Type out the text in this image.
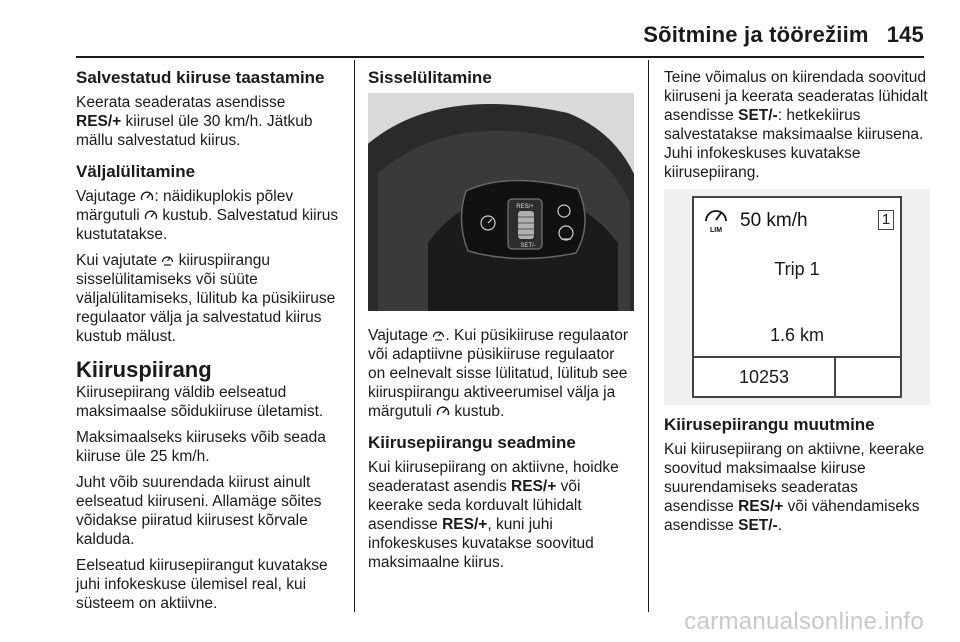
Sõitmine ja töörežiim 145
Salvestatud kiiruse taastamine

Keerata seaderatas asendisse
RES/+ kiirusel üle 30 km/h. Jätkub mällu salvestatud kiirus.

Väljalülitamine

Vajutage : näidikuplokis põlev märgutuli  kustub. Salvestatud kiirus kustutatakse.

Kui vajutate  kiiruspiirangu sisselülitamiseks või süüte väljalülitamiseks, lülitub ka püsikiiruse regulaator välja ja salvestatud kiirus kustub mälust.

Kiiruspiirang

Kiirusepiirang väldib eelseatud maksimaalse sõidukiiruse ületamist.

Maksimaalseks kiiruseks võib seada kiiruse üle 25 km/h.

Juht võib suurendada kiirust ainult eelseatud kiiruseni. Allamäge sõites võidakse piiratud kiirusest kõrvale kalduda.

Eelseatud kiirusepiirangut kuvatakse juhi infokeskuse ülemisel real, kui süsteem on aktiivne.

Sisselülitamine
RES/+
SET/-

Vajutage . Kui püsikiiruse regulaator või adaptiivne püsikiiruse regulaator on eelnevalt sisse lülitatud, lülitub see kiiruspiirangu aktiveerumisel välja ja märgutuli  kustub.

Kiirusepiirangu seadmine

Kui kiirusepiirang on aktiivne, hoidke seaderatast asendis RES/+ või keerake seda korduvalt lühidalt asendisse RES/+, kuni juhi infokeskuses kuvatakse soovitud maksimaalne kiirus.

Teine võimalus on kiirendada soovitud kiiruseni ja keerata seaderatas lühidalt asendisse SET/-: hetkekiirus salvestatakse maksimaalse kiirusena. Juhi infokeskuses kuvatakse kiirusepiirang.

LIM 50 km/h	1
Trip 1
1.6 km
10253
Kiirusepiirangu muutmine

Kui kiirusepiirang on aktiivne, keerake soovitud maksimaalse kiiruse suurendamiseks seaderatas asendisse RES/+ või vähendamiseks asendisse SET/-.

carmanualsonline.info
